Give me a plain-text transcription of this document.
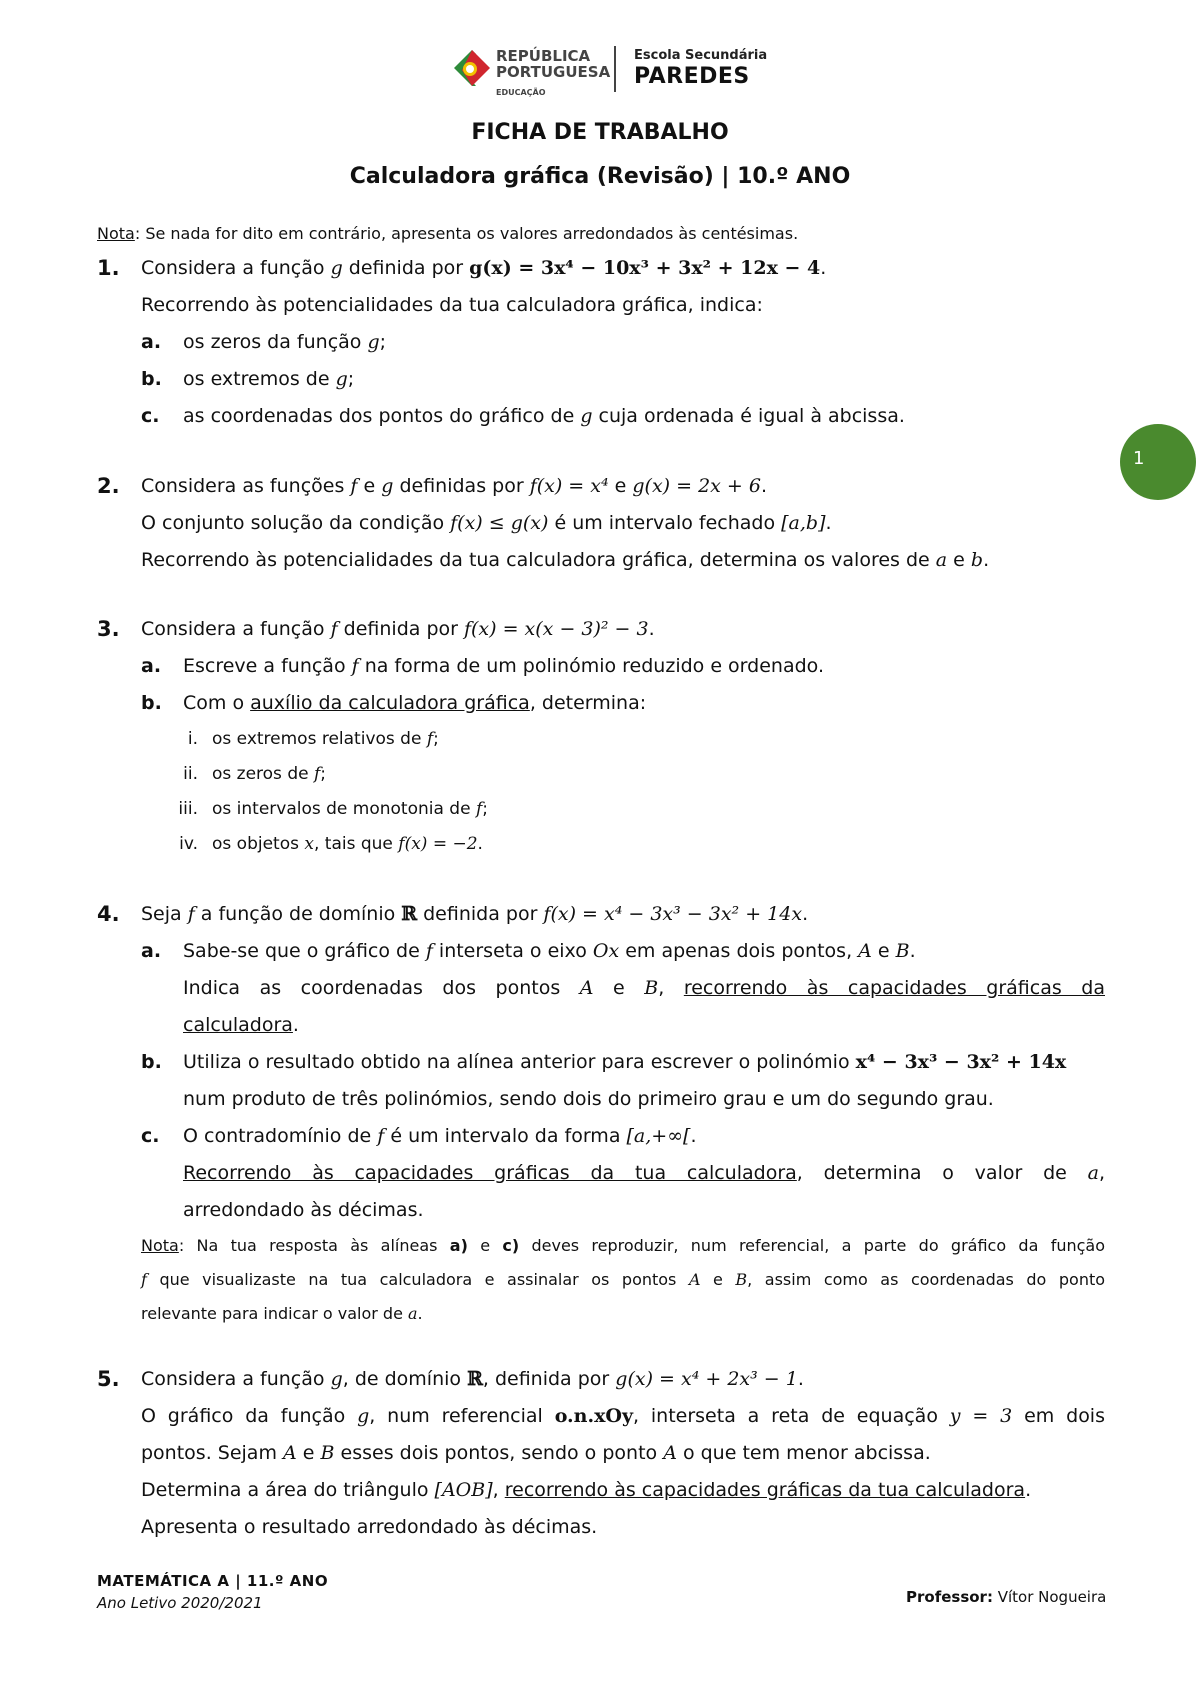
REPÚBLICA
PORTUGUESA
EDUCAÇÃO
Escola Secundária
PAREDES
FICHA DE TRABALHO
Calculadora gráfica (Revisão) | 10.º ANO
Nota: Se nada for dito em contrário, apresenta os valores arredondados às centésimas.
1. Considera a função g definida por g(x) = 3x⁴ − 10x³ + 3x² + 12x − 4.
Recorrendo às potencialidades da tua calculadora gráfica, indica:
a. os zeros da função g;
b. os extremos de g;
c. as coordenadas dos pontos do gráfico de g cuja ordenada é igual à abcissa.
1
2. Considera as funções f e g definidas por f(x) = x⁴ e g(x) = 2x + 6.
O conjunto solução da condição f(x) ≤ g(x) é um intervalo fechado [a,b].
Recorrendo às potencialidades da tua calculadora gráfica, determina os valores de a e b.
3. Considera a função f definida por f(x) = x(x − 3)² − 3.
a. Escreve a função f na forma de um polinómio reduzido e ordenado.
b. Com o auxílio da calculadora gráfica, determina:
i. os extremos relativos de f;
ii. os zeros de f;
iii. os intervalos de monotonia de f;
iv. os objetos x, tais que f(x) = −2.
4. Seja f a função de domínio ℝ definida por f(x) = x⁴ − 3x³ − 3x² + 14x.
a. Sabe-se que o gráfico de f interseta o eixo Ox em apenas dois pontos, A e B.
Indica as coordenadas dos pontos A e B, recorrendo às capacidades gráficas da
calculadora.
b. Utiliza o resultado obtido na alínea anterior para escrever o polinómio x⁴ − 3x³ − 3x² + 14x
num produto de três polinómios, sendo dois do primeiro grau e um do segundo grau.
c. O contradomínio de f é um intervalo da forma [a,+∞[.
Recorrendo às capacidades gráficas da tua calculadora, determina o valor de a,
arredondado às décimas.
Nota: Na tua resposta às alíneas a) e c) deves reproduzir, num referencial, a parte do gráfico da função
f que visualizaste na tua calculadora e assinalar os pontos A e B, assim como as coordenadas do ponto
relevante para indicar o valor de a.
5. Considera a função g, de domínio ℝ, definida por g(x) = x⁴ + 2x³ − 1.
O gráfico da função g, num referencial o.n.xOy, interseta a reta de equação y = 3 em dois
pontos. Sejam A e B esses dois pontos, sendo o ponto A o que tem menor abcissa.
Determina a área do triângulo [AOB], recorrendo às capacidades gráficas da tua calculadora.
Apresenta o resultado arredondado às décimas.
MATEMÁTICA A | 11.º ANO
Ano Letivo 2020/2021	Professor: Vítor Nogueira
